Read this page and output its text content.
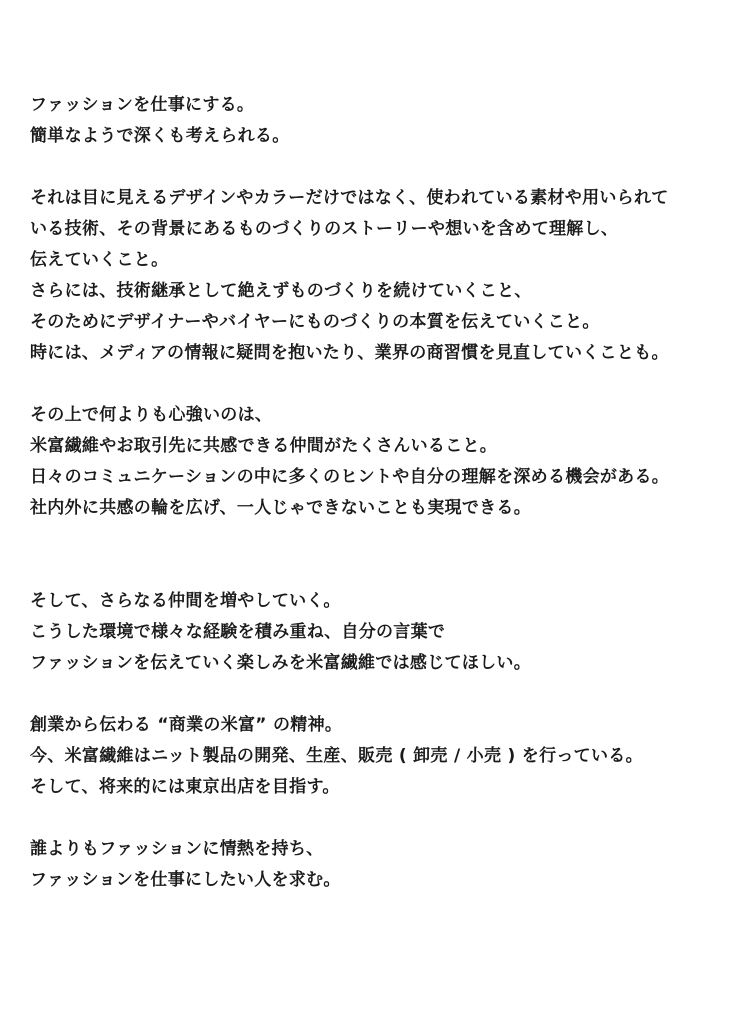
ファッションを仕事にする。
簡単なようで深くも考えられる。
それは目に見えるデザインやカラーだけではなく、使われている素材や用いられて
いる技術、その背景にあるものづくりのストーリーや想いを含めて理解し、
伝えていくこと。
さらには、技術継承として絶えずものづくりを続けていくこと、
そのためにデザイナーやバイヤーにものづくりの本質を伝えていくこと。
時には、メディアの情報に疑問を抱いたり、業界の商習慣を見直していくことも。
その上で何よりも心強いのは、
米富繊維やお取引先に共感できる仲間がたくさんいること。
日々のコミュニケーションの中に多くのヒントや自分の理解を深める機会がある。
社内外に共感の輪を広げ、一人じゃできないことも実現できる。
そして、さらなる仲間を増やしていく。
こうした環境で様々な経験を積み重ね、自分の言葉で
ファッションを伝えていく楽しみを米富繊維では感じてほしい。
創業から伝わる “商業の米富” の精神。
今、米富繊維はニット製品の開発、生産、販売 ( 卸売 / 小売 ) を行っている。
そして、将来的には東京出店を目指す。
誰よりもファッションに情熱を持ち、
ファッションを仕事にしたい人を求む。
